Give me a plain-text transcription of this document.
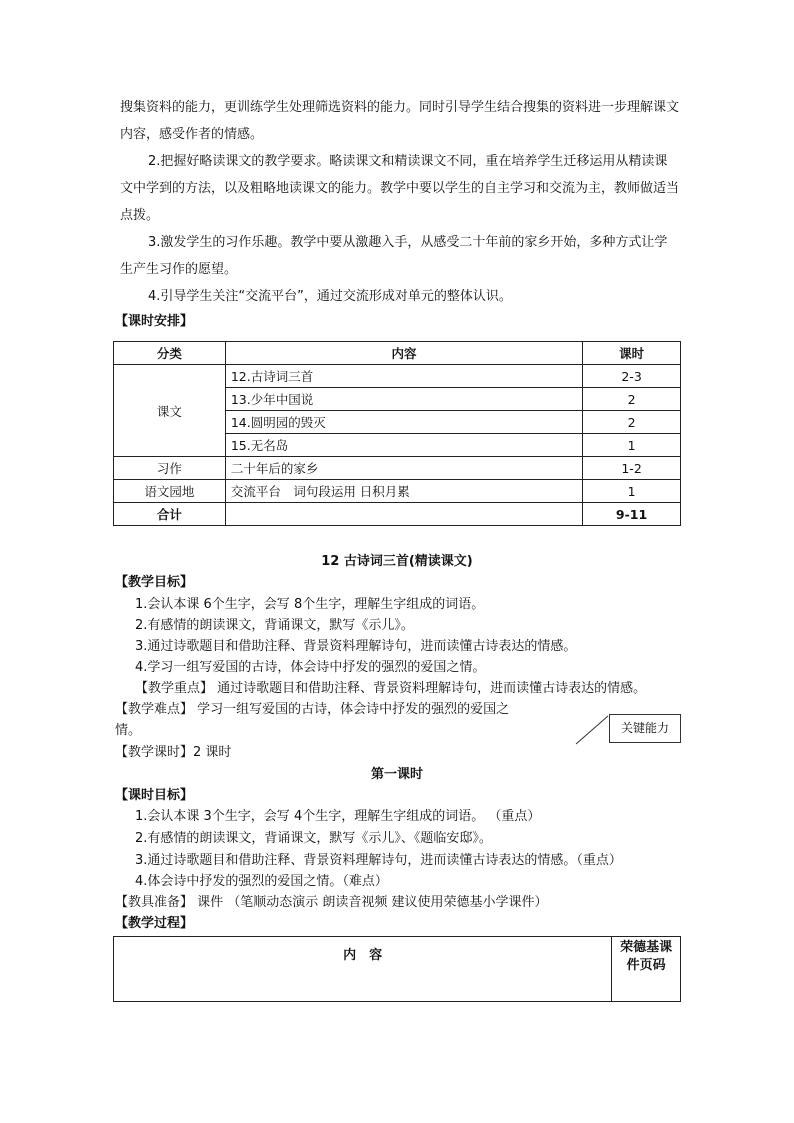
搜集资料的能力，更训练学生处理筛选资料的能力。同时引导学生结合搜集的资料进一步理解课文内容，感受作者的情感。
2.把握好略读课文的教学要求。略读课文和精读课文不同，重在培养学生迁移运用从精读课文中学到的方法，以及粗略地读课文的能力。教学中要以学生的自主学习和交流为主，教师做适当点拨。
3.激发学生的习作乐趣。教学中要从激趣入手，从感受二十年前的家乡开始，多种方式让学生产生习作的愿望。
4.引导学生关注“交流平台”，通过交流形成对单元的整体认识。
【课时安排】
分类	内容	课时
课文	12.古诗词三首	2-3
	13.少年中国说	2
	14.圆明园的毁灭	2
	15.无名岛	1
习作	二十年后的家乡	1-2
语文园地	交流平台　词句段运用 日积月累	1
合计		9-11
12 古诗词三首(精读课文)
【教学目标】
1.会认本课 6个生字，会写 8个生字，理解生字组成的词语。
2.有感情的朗读课文，背诵课文，默写《示儿》。
3.通过诗歌题目和借助注释、背景资料理解诗句，进而读懂古诗表达的情感。
4.学习一组写爱国的古诗，体会诗中抒发的强烈的爱国之情。
【教学重点】 通过诗歌题目和借助注释、背景资料理解诗句，进而读懂古诗表达的情感。
【教学难点】 学习一组写爱国的古诗，体会诗中抒发的强烈的爱国之
情。	关键能力
【教学课时】2 课时
第一课时
【课时目标】
1.会认本课 3个生字，会写 4个生字，理解生字组成的词语。 （重点）
2.有感情的朗读课文，背诵课文，默写《示儿》、《题临安邸》。
3.通过诗歌题目和借助注释、背景资料理解诗句，进而读懂古诗表达的情感。（重点）
4.体会诗中抒发的强烈的爱国之情。（难点）
【教具准备】 课件 （笔顺动态演示 朗读音视频 建议使用荣德基小学课件）
【教学过程】
内　容	荣德基课件页码
